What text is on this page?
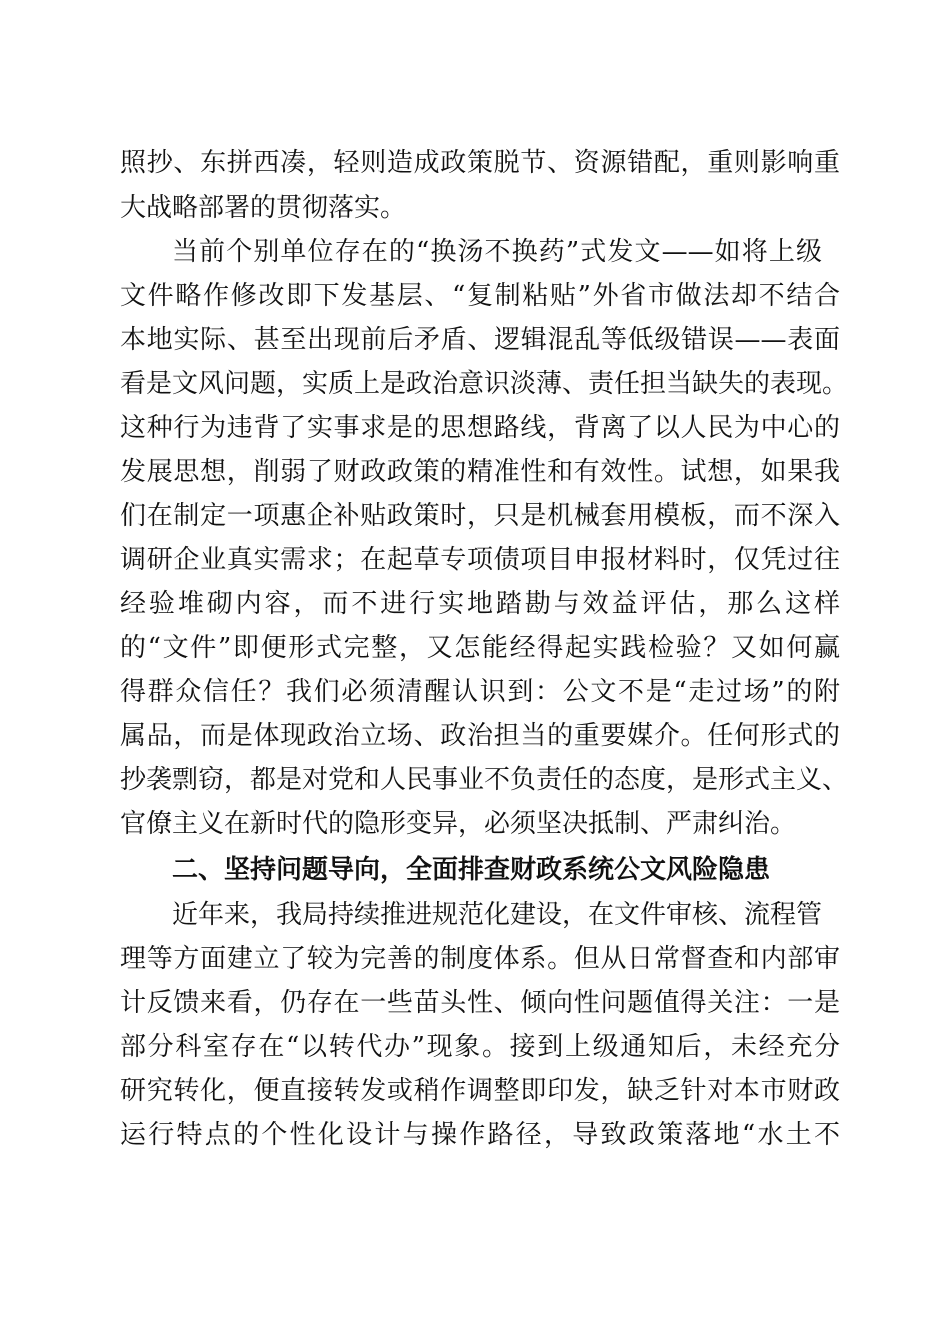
照抄、东拼西凑，轻则造成政策脱节、资源错配，重则影响重
大战略部署的贯彻落实。
当前个别单位存在的“换汤不换药”式发文——如将上级
文件略作修改即下发基层、“复制粘贴”外省市做法却不结合
本地实际、甚至出现前后矛盾、逻辑混乱等低级错误——表面
看是文风问题，实质上是政治意识淡薄、责任担当缺失的表现。
这种行为违背了实事求是的思想路线，背离了以人民为中心的
发展思想，削弱了财政政策的精准性和有效性。试想，如果我
们在制定一项惠企补贴政策时，只是机械套用模板，而不深入
调研企业真实需求；在起草专项债项目申报材料时，仅凭过往
经验堆砌内容，而不进行实地踏勘与效益评估，那么这样
的“文件”即便形式完整，又怎能经得起实践检验？又如何赢
得群众信任？我们必须清醒认识到：公文不是“走过场”的附
属品，而是体现政治立场、政治担当的重要媒介。任何形式的
抄袭剽窃，都是对党和人民事业不负责任的态度，是形式主义、
官僚主义在新时代的隐形变异，必须坚决抵制、严肃纠治。
二、坚持问题导向，全面排查财政系统公文风险隐患
近年来，我局持续推进规范化建设，在文件审核、流程管
理等方面建立了较为完善的制度体系。但从日常督查和内部审
计反馈来看，仍存在一些苗头性、倾向性问题值得关注：一是
部分科室存在“以转代办”现象。接到上级通知后，未经充分
研究转化，便直接转发或稍作调整即印发，缺乏针对本市财政
运行特点的个性化设计与操作路径，导致政策落地“水土不
